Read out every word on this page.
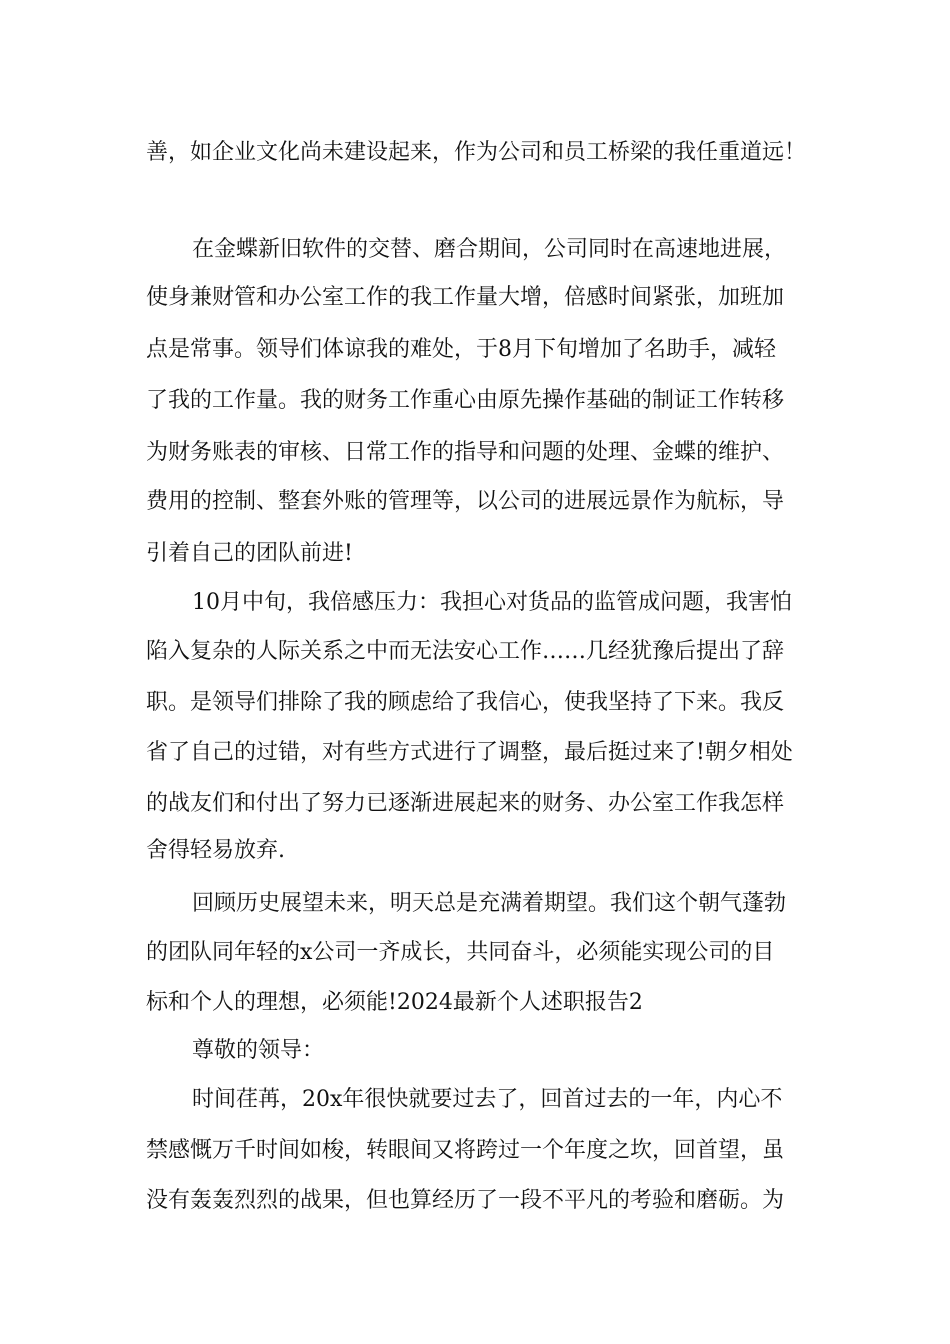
善，如企业文化尚未建设起来，作为公司和员工桥梁的我任重道远！
在金蝶新旧软件的交替、磨合期间，公司同时在高速地进展，
使身兼财管和办公室工作的我工作量大增，倍感时间紧张，加班加
点是常事。领导们体谅我的难处，于8月下旬增加了名助手，减轻
了我的工作量。我的财务工作重心由原先操作基础的制证工作转移
为财务账表的审核、日常工作的指导和问题的处理、金蝶的维护、
费用的控制、整套外账的管理等，以公司的进展远景作为航标，导
引着自己的团队前进!
10月中旬，我倍感压力：我担心对货品的监管成问题，我害怕
陷入复杂的人际关系之中而无法安心工作……几经犹豫后提出了辞
职。是领导们排除了我的顾虑给了我信心，使我坚持了下来。我反
省了自己的过错，对有些方式进行了调整，最后挺过来了!朝夕相处
的战友们和付出了努力已逐渐进展起来的财务、办公室工作我怎样
舍得轻易放弃.
回顾历史展望未来，明天总是充满着期望。我们这个朝气蓬勃
的团队同年轻的x公司一齐成长，共同奋斗，必须能实现公司的目
标和个人的理想，必须能!2024最新个人述职报告2
尊敬的领导：
时间荏苒，20x年很快就要过去了，回首过去的一年，内心不
禁感慨万千时间如梭，转眼间又将跨过一个年度之坎，回首望，虽
没有轰轰烈烈的战果，但也算经历了一段不平凡的考验和磨砺。为
